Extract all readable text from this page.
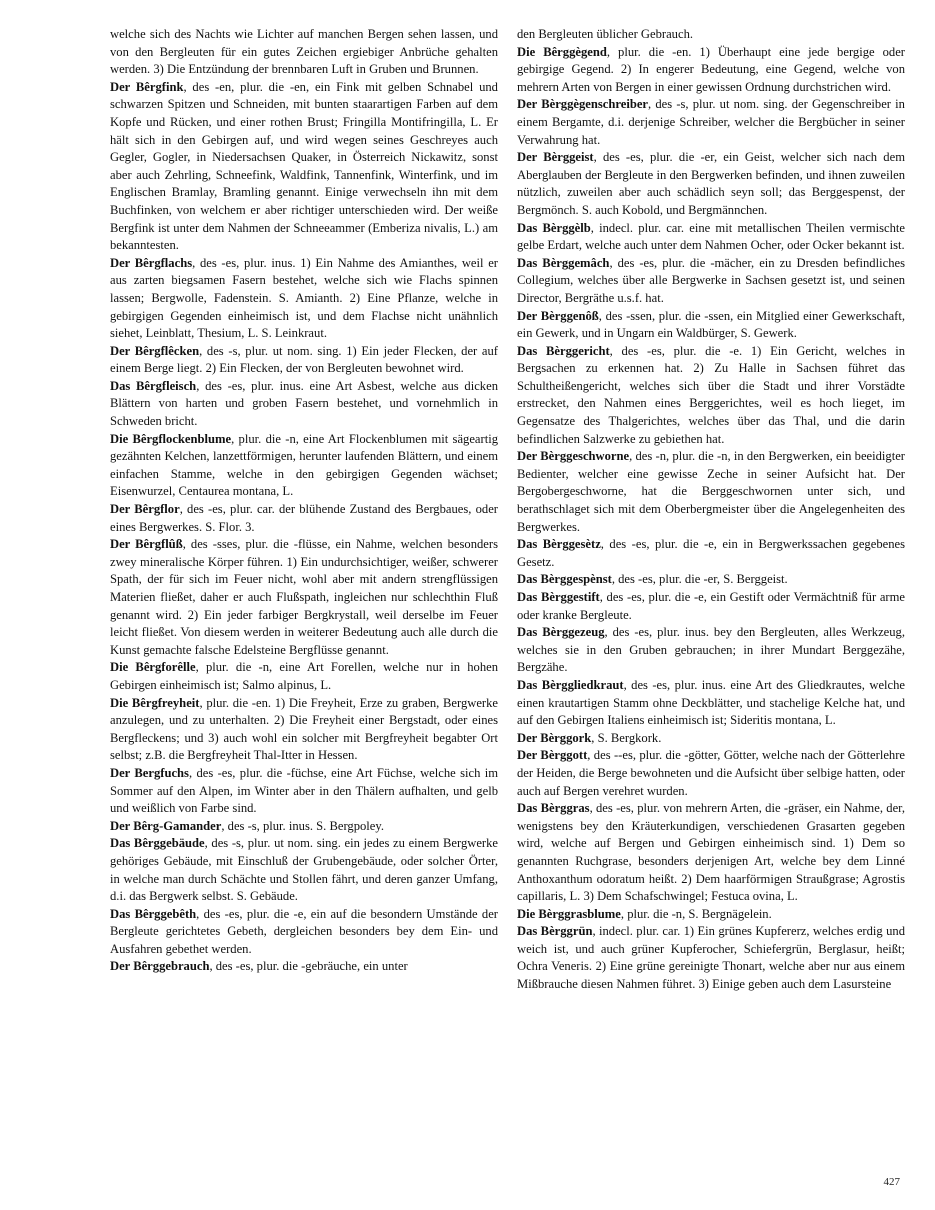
welche sich des Nachts wie Lichter auf manchen Bergen sehen lassen, und von den Bergleuten für ein gutes Zeichen ergiebiger Anbrüche gehalten werden. 3) Die Entzündung der brennbaren Luft in Gruben und Brunnen.

Der Bêrgfink, des -en, plur. die -en, ein Fink mit gelben Schnabel und schwarzen Spitzen und Schneiden, mit bunten staarartigen Farben auf dem Kopfe und Rücken, und einer rothen Brust; Fringilla Montifringilla, L. Er hält sich in den Gebirgen auf, und wird wegen seines Geschreyes auch Gegler, Gogler, in Niedersachsen Quaker, in Österreich Nickawitz, sonst aber auch Zehrling, Schneefink, Waldfink, Tannenfink, Winterfink, und im Englischen Bramlay, Bramling genannt. Einige verwechseln ihn mit dem Buchfinken, von welchem er aber richtiger unterschieden wird. Der weiße Bergfink ist unter dem Nahmen der Schneeammer (Emberiza nivalis, L.) am bekanntesten.

Der Bêrgflachs, des -es, plur. inus. 1) Ein Nahme des Amianthes, weil er aus zarten biegsamen Fasern bestehet, welche sich wie Flachs spinnen lassen; Bergwolle, Fadenstein. S. Amianth. 2) Eine Pflanze, welche in gebirgigen Gegenden einheimisch ist, und dem Flachse nicht unähnlich siehet, Leinblatt, Thesium, L. S. Leinkraut.

Der Bêrgflêcken, des -s, plur. ut nom. sing. 1) Ein jeder Flecken, der auf einem Berge liegt. 2) Ein Flecken, der von Bergleuten bewohnet wird.

Das Bêrgfleisch, des -es, plur. inus. eine Art Asbest, welche aus dicken Blättern von harten und groben Fasern bestehet, und vornehmlich in Schweden bricht.

Die Bêrgflockenblume, plur. die -n, eine Art Flockenblumen mit sägeartig gezähnten Kelchen, lanzettförmigen, herunter laufenden Blättern, und einem einfachen Stamme, welche in den gebirgigen Gegenden wächset; Eisenwurzel, Centaurea montana, L.

Der Bêrgflor, des -es, plur. car. der blühende Zustand des Bergbaues, oder eines Bergwerkes. S. Flor. 3.

Der Bêrgflûß, des -sses, plur. die -flüsse, ein Nahme, welchen besonders zwey mineralische Körper führen. 1) Ein undurchsichtiger, weißer, schwerer Spath, der für sich im Feuer nicht, wohl aber mit andern strengflüssigen Materien fließet, daher er auch Flußspath, ingleichen nur schlechthin Fluß genannt wird. 2) Ein jeder farbiger Bergkrystall, weil derselbe im Feuer leicht fließet. Von diesem werden in weiterer Bedeutung auch alle durch die Kunst gemachte falsche Edelsteine Bergflüsse genannt.

Die Bêrgforêlle, plur. die -n, eine Art Forellen, welche nur in hohen Gebirgen einheimisch ist; Salmo alpinus, L.

Die Bêrgfreyheit, plur. die -en. 1) Die Freyheit, Erze zu graben, Bergwerke anzulegen, und zu unterhalten. 2) Die Freyheit einer Bergstadt, oder eines Bergfleckens; und 3) auch wohl ein solcher mit Bergfreyheit begabter Ort selbst; z.B. die Bergfreyheit Thal-Itter in Hessen.

Der Bergfuchs, des -es, plur. die -füchse, eine Art Füchse, welche sich im Sommer auf den Alpen, im Winter aber in den Thälern aufhalten, und gelb und weißlich von Farbe sind.

Der Bêrg-Gamander, des -s, plur. inus. S. Bergpoley.

Das Bêrggebäude, des -s, plur. ut nom. sing. ein jedes zu einem Bergwerke gehöriges Gebäude, mit Einschluß der Grubengebäude, oder solcher Örter, in welche man durch Schächte und Stollen fährt, und deren ganzer Umfang, d.i. das Bergwerk selbst. S. Gebäude.

Das Bêrggebêth, des -es, plur. die -e, ein auf die besondern Umstände der Bergleute gerichtetes Gebeth, dergleichen besonders bey dem Ein- und Ausfahren gebethet werden.

Der Bêrggebrauch, des -es, plur. die -gebräuche, ein unter

den Bergleuten üblicher Gebrauch.

Die Bêrggègend, plur. die -en. 1) Überhaupt eine jede bergige oder gebirgige Gegend. 2) In engerer Bedeutung, eine Gegend, welche von mehrern Arten von Bergen in einer gewissen Ordnung durchstrichen wird.

Der Bèrggègenschreiber, des -s, plur. ut nom. sing. der Gegenschreiber in einem Bergamte, d.i. derjenige Schreiber, welcher die Bergbücher in seiner Verwahrung hat.

Der Bèrggeist, des -es, plur. die -er, ein Geist, welcher sich nach dem Aberglauben der Bergleute in den Bergwerken befinden, und ihnen zuweilen nützlich, zuweilen aber auch schädlich seyn soll; das Berggespenst, der Bergmönch. S. auch Kobold, und Bergmännchen.

Das Bèrggèlb, indecl. plur. car. eine mit metallischen Theilen vermischte gelbe Erdart, welche auch unter dem Nahmen Ocher, oder Ocker bekannt ist.

Das Bèrggemâch, des -es, plur. die -mächer, ein zu Dresden befindliches Collegium, welches über alle Bergwerke in Sachsen gesetzt ist, und seinen Director, Bergräthe u.s.f. hat.

Der Bèrggenôß, des -ssen, plur. die -ssen, ein Mitglied einer Gewerkschaft, ein Gewerk, und in Ungarn ein Waldbürger, S. Gewerk.

Das Bèrggericht, des -es, plur. die -e. 1) Ein Gericht, welches in Bergsachen zu erkennen hat. 2) Zu Halle in Sachsen führet das Schultheißengericht, welches sich über die Stadt und ihrer Vorstädte erstrecket, den Nahmen eines Berggerichtes, weil es hoch lieget, im Gegensatze des Thalgerichtes, welches über das Thal, und die darin befindlichen Salzwerke zu gebiethen hat.

Der Bèrggeschworne, des -n, plur. die -n, in den Bergwerken, ein beeidigter Bedienter, welcher eine gewisse Zeche in seiner Aufsicht hat. Der Bergobergeschworne, hat die Berggeschwornen unter sich, und berathschlaget sich mit dem Oberbergmeister über die Angelegenheiten des Bergwerkes.

Das Bèrggesètz, des -es, plur. die -e, ein in Bergwerkssachen gegebenes Gesetz.

Das Bèrggespènst, des -es, plur. die -er, S. Berggeist.

Das Bèrggestift, des -es, plur. die -e, ein Gestift oder Vermächtniß für arme oder kranke Bergleute.

Das Bèrggezeug, des -es, plur. inus. bey den Bergleuten, alles Werkzeug, welches sie in den Gruben gebrauchen; in ihrer Mundart Berggezähe, Bergzähe.

Das Bèrggliedkraut, des -es, plur. inus. eine Art des Gliedkrautes, welche einen krautartigen Stamm ohne Deckblätter, und stachelige Kelche hat, und auf den Gebirgen Italiens einheimisch ist; Sideritis montana, L.

Der Bèrggork, S. Bergkork.

Der Bèrggott, des --es, plur. die -götter, Götter, welche nach der Götterlehre der Heiden, die Berge bewohneten und die Aufsicht über selbige hatten, oder auch auf Bergen verehret wurden.

Das Bèrggras, des -es, plur. von mehrern Arten, die -gräser, ein Nahme, der, wenigstens bey den Kräuterkundigen, verschiedenen Grasarten gegeben wird, welche auf Bergen und Gebirgen einheimisch sind. 1) Dem so genannten Ruchgrase, besonders derjenigen Art, welche bey dem Linné Anthoxanthum odoratum heißt. 2) Dem haarförmigen Straußgrase; Agrostis capillaris, L. 3) Dem Schafschwingel; Festuca ovina, L.

Die Bèrggrasblume, plur. die -n, S. Bergnägelein.

Das Bèrggrün, indecl. plur. car. 1) Ein grünes Kupfererz, welches erdig und weich ist, und auch grüner Kupferocher, Schiefergrün, Berglasur, heißt; Ochra Veneris. 2) Eine grüne gereinigte Thonart, welche aber nur aus einem Mißbrauche diesen Nahmen führet. 3) Einige geben auch dem Lasursteine

427
